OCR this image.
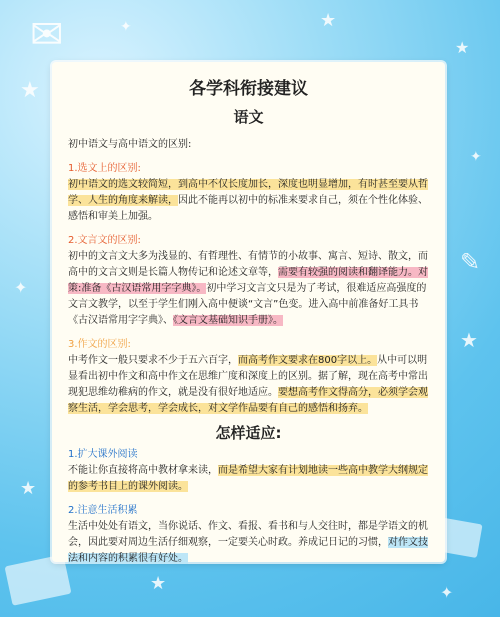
★
★
✦
✦
★
★
✦
✦	★
✉
★
✎
各学科衔接建议
语文

初中语文与高中语文的区别:

1.选文上的区别:

初中语文的选文较简短，到高中不仅长度加长，深度也明显增加，有时甚至要从哲学、人生的角度来解读，因此不能再以初中的标准来要求自己，须在个性化体验、感悟和审美上加强。

2.文言文的区别:

初中的文言文大多为浅显的、有哲理性、有情节的小故事、寓言、短诗、散文，而高中的文言文则是长篇人物传记和论述文章等，需要有较强的阅读和翻译能力。对策:准备《古汉语常用字字典》。初中学习文言文只是为了考试，很难适应高强度的文言文教学，以至于学生们刚入高中便谈“文言”色变。进入高中前准备好工具书《古汉语常用字字典》、《文言文基础知识手册》。

3.作文的区别:

中考作文一般只要求不少于五六百字，而高考作文要求在800字以上。从中可以明显看出初中作文和高中作文在思维广度和深度上的区别。据了解，现在高考中常出现犯思维幼稚病的作文，就是没有很好地适应。要想高考作文得高分，必须学会观察生活，学会思考，学会成长，对文学作品要有自己的感悟和扬弃。

怎样适应:

1.扩大课外阅读

不能让你直接将高中教材拿来读，而是希望大家有计划地读一些高中教学大纲规定的参考书目上的课外阅读。

2.注意生活积累

生活中处处有语文，当你说话、作文、看报、看书和与人交往时，都是学语文的机会，因此要对周边生活仔细观察，一定要关心时政。养成记日记的习惯，对作文技法和内容的积累很有好处。
